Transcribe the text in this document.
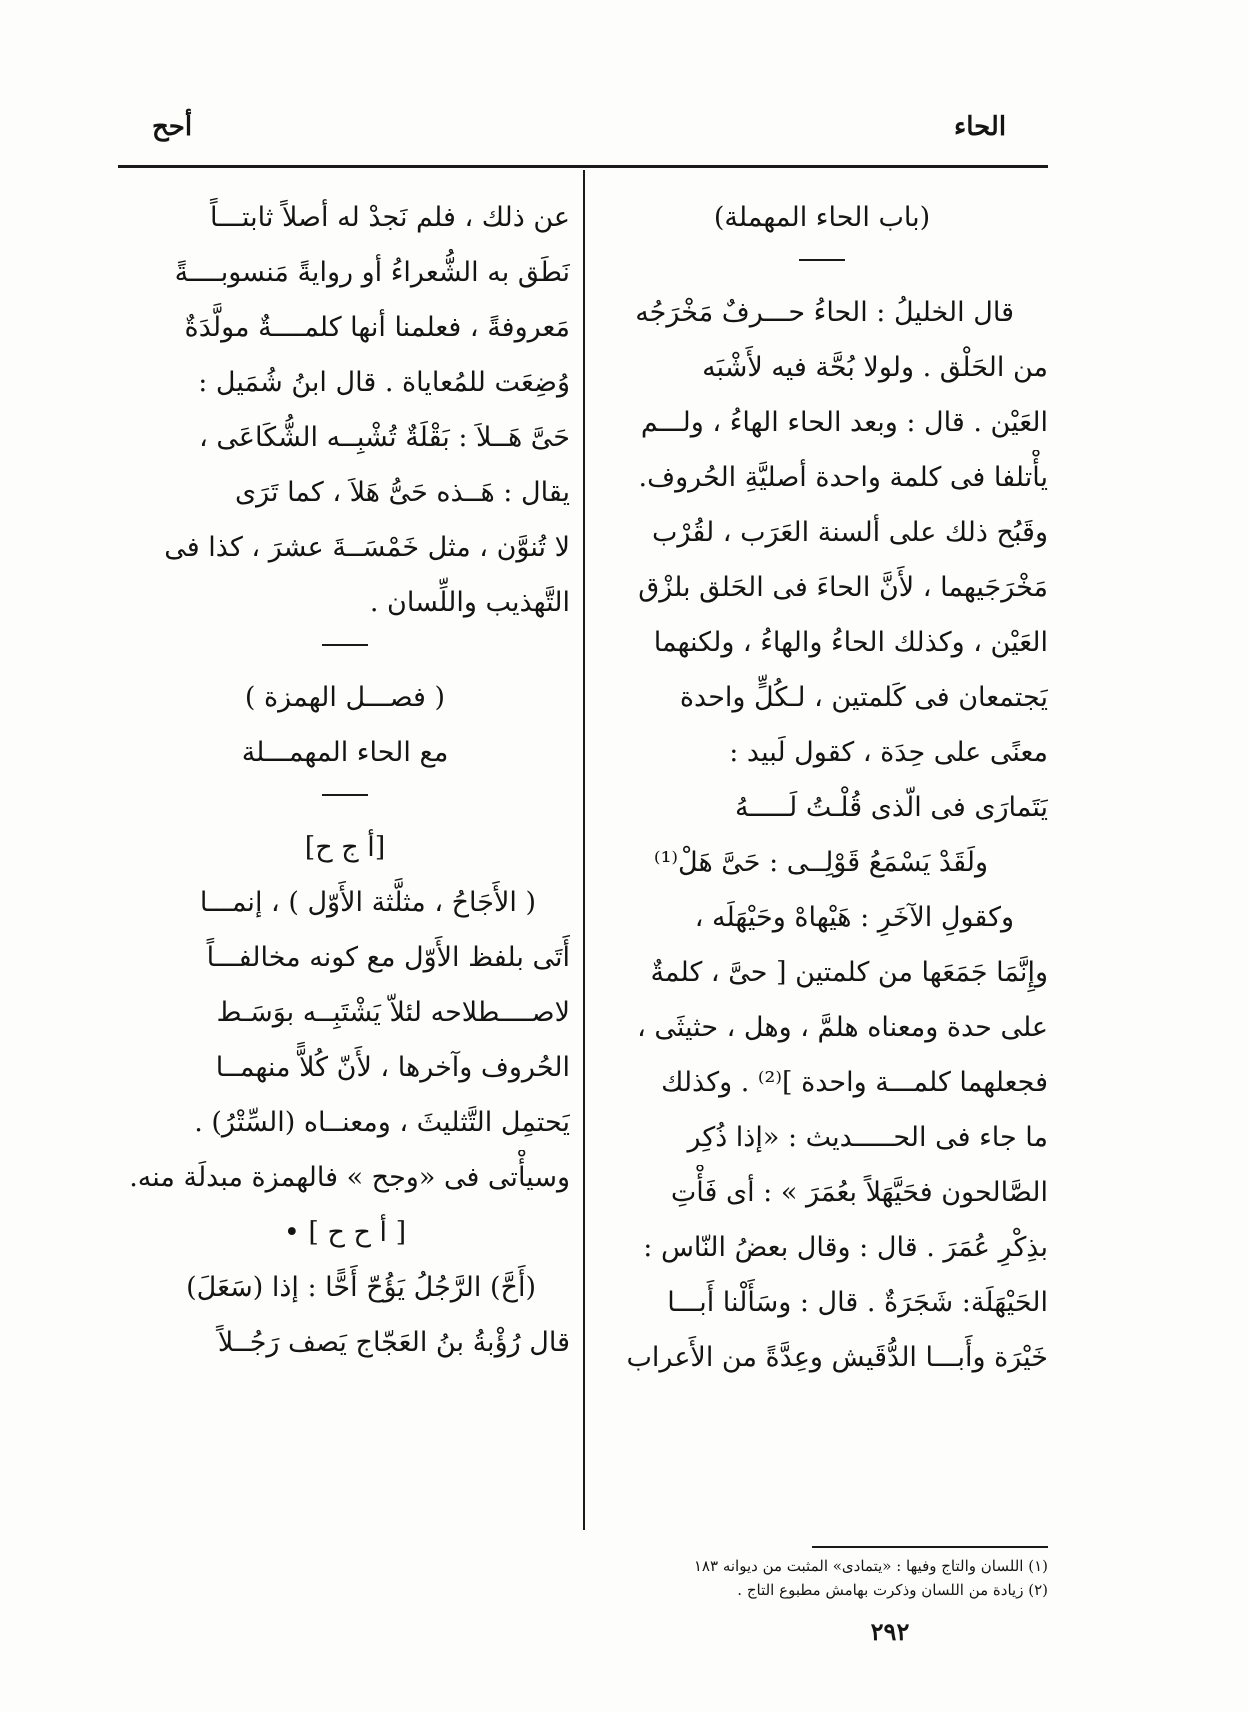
الحاء
أحح
(باب الحاء المهملة)
قال الخليلُ : الحاءُ حـــرفٌ مَخْرَجُه
من الحَلْق . ولولا بُحَّة فيه لأَشْبَه
العَيْن . قال : وبعد الحاء الهاءُ ، ولـــم
يأْتلفا فى كلمة واحدة أصليَّةِ الحُروف.
وقَبُح ذلك على ألسنة العَرَب ، لقُرْب
مَخْرَجَيهما ، لأَنَّ الحاءَ فى الحَلق بلزْق
العَيْن ، وكذلك الحاءُ والهاءُ ، ولكنهما
يَجتمعان فى كَلمتين ، لـكُلٍّ واحدة
معنًى على حِدَة ، كقول لَبيد :
يَتَمارَى فى الّذى قُلْـتُ لَـــــهُ
ولَقَدْ يَسْمَعُ قَوْلِــى : حَىَّ هَلْ⁽¹⁾
وكقولِ الآخَرِ : هَيْهاهْ وحَيْهَلَه ،
وإِنَّمَا جَمَعَها من كلمتين [ حىَّ ، كلمةٌ
على حدة ومعناه هلمَّ ، وهل ، حثيثَى ،
فجعلهما كلمـــة واحدة ]⁽²⁾ . وكذلك
ما جاء فى الحـــــديث : «إذا ذُكِر
الصَّالحون فحَيَّهَلاً بعُمَرَ » : أى فَأْتِ
بذِكْرِ عُمَرَ . قال : وقال بعضُ النّاس :
الحَيْهَلَة: شَجَرَةٌ . قال : وسَأَلْنا أَبـــا
خَيْرَة وأَبـــا الدُّقَيش وعِدَّةً من الأَعراب
عن ذلك ، فلم نَجدْ له أصلاً ثابتـــاً
نَطَق به الشُّعراءُ أو روايةً مَنسوبــــةً
مَعروفةً ، فعلمنا أنها كلمــــةٌ مولَّدَةٌ
وُضِعَت للمُعاياة . قال ابنُ شُمَيل :
حَىَّ هَــلاَ : بَقْلَةٌ تُشْبِــه الشُّكَاعَى ،
يقال : هَــذه حَىُّ هَلاَ ، كما تَرَى
لا تُنوَّن ، مثل خَمْسَــةَ عشرَ ، كذا فى
التَّهذيب واللِّسان .
( فصـــل الهمزة )
مع الحاء المهمـــلة
[أ ج ح]
( الأَجَاحُ ، مثلَّثة الأَوّل ) ، إنمـــا
أَتَى بلفظ الأَوّل مع كونه مخالفـــاً
لاصــــطلاحه لئلاّ يَشْتَبِــه بوَسَـط
الحُروف وآخرها ، لأَنّ كُلاًّ منهمــا
يَحتمِل التَّثليثَ ، ومعنــاه (السِّتْرُ) .
وسيأْتى فى «وجح » فالهمزة مبدلَة منه.
[ أ ح ح ] •
(أَحَّ) الرَّجُلُ يَؤُحّ أَحًّا : إذا (سَعَلَ)
قال رُؤْبةُ بنُ العَجّاج يَصف رَجُــلاً
(١) اللسان والتاج وفيها : «يتمادى» المثبت من ديوانه ١٨٣
(٢) زيادة من اللسان وذكرت بهامش مطبوع التاج .
٢٩٢
